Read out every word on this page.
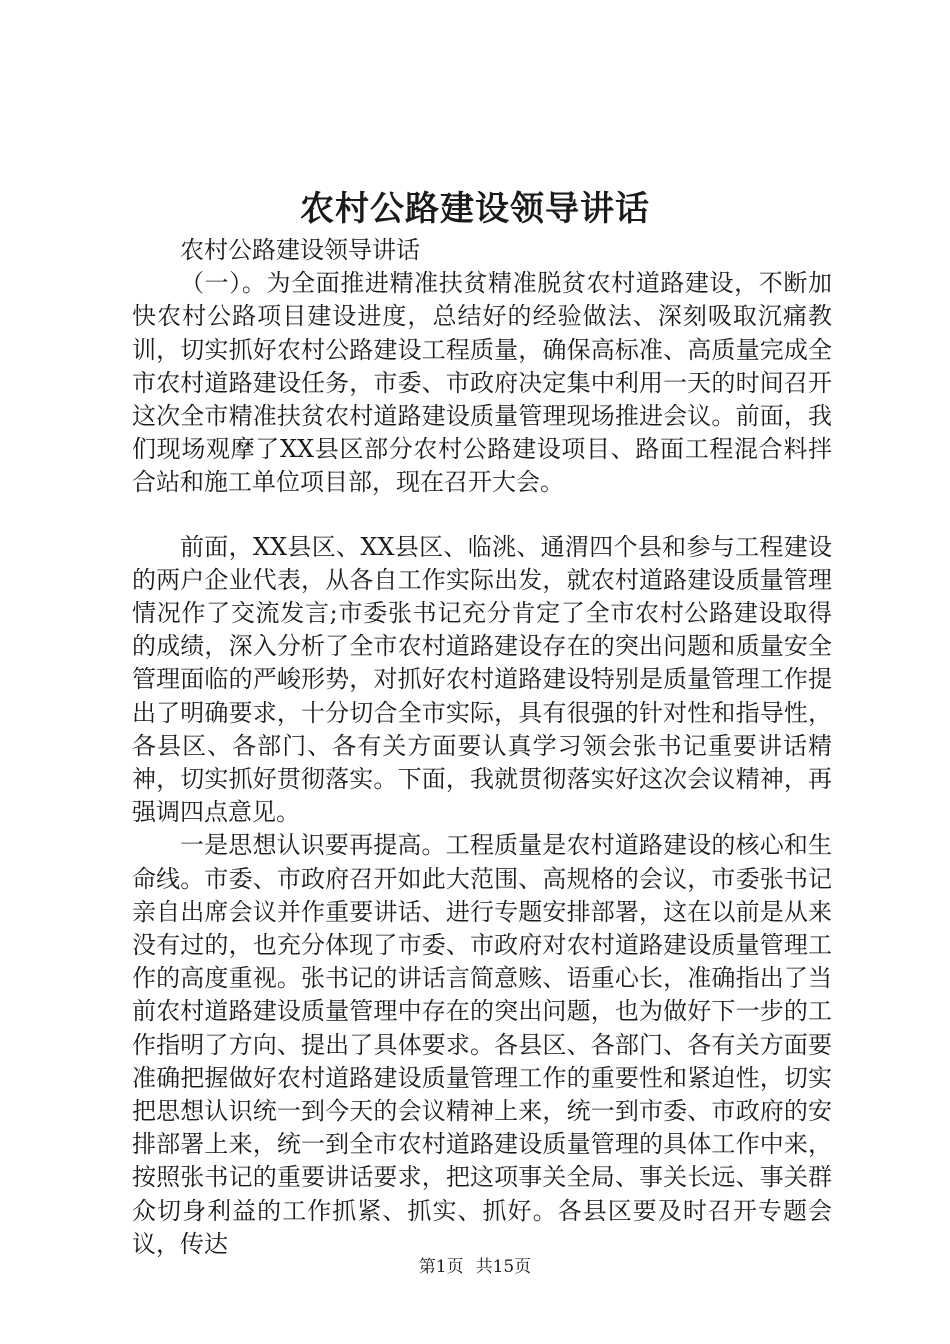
农村公路建设领导讲话

农村公路建设领导讲话

（一）。为全面推进精准扶贫精准脱贫农村道路建设，不断加快农村公路项目建设进度，总结好的经验做法、深刻吸取沉痛教训，切实抓好农村公路建设工程质量，确保高标准、高质量完成全市农村道路建设任务，市委、市政府决定集中利用一天的时间召开这次全市精准扶贫农村道路建设质量管理现场推进会议。前面，我们现场观摩了XX县区部分农村公路建设项目、路面工程混合料拌合站和施工单位项目部，现在召开大会。

前面，XX县区、XX县区、临洮、通渭四个县和参与工程建设的两户企业代表，从各自工作实际出发，就农村道路建设质量管理情况作了交流发言;市委张书记充分肯定了全市农村公路建设取得的成绩，深入分析了全市农村道路建设存在的突出问题和质量安全管理面临的严峻形势，对抓好农村道路建设特别是质量管理工作提出了明确要求，十分切合全市实际，具有很强的针对性和指导性，各县区、各部门、各有关方面要认真学习领会张书记重要讲话精神，切实抓好贯彻落实。下面，我就贯彻落实好这次会议精神，再强调四点意见。

一是思想认识要再提高。工程质量是农村道路建设的核心和生命线。市委、市政府召开如此大范围、高规格的会议，市委张书记亲自出席会议并作重要讲话、进行专题安排部署，这在以前是从来没有过的，也充分体现了市委、市政府对农村道路建设质量管理工作的高度重视。张书记的讲话言简意赅、语重心长，准确指出了当前农村道路建设质量管理中存在的突出问题，也为做好下一步的工作指明了方向、提出了具体要求。各县区、各部门、各有关方面要准确把握做好农村道路建设质量管理工作的重要性和紧迫性，切实把思想认识统一到今天的会议精神上来，统一到市委、市政府的安排部署上来，统一到全市农村道路建设质量管理的具体工作中来，按照张书记的重要讲话要求，把这项事关全局、事关长远、事关群众切身利益的工作抓紧、抓实、抓好。各县区要及时召开专题会议，传达

第1页 共15页
